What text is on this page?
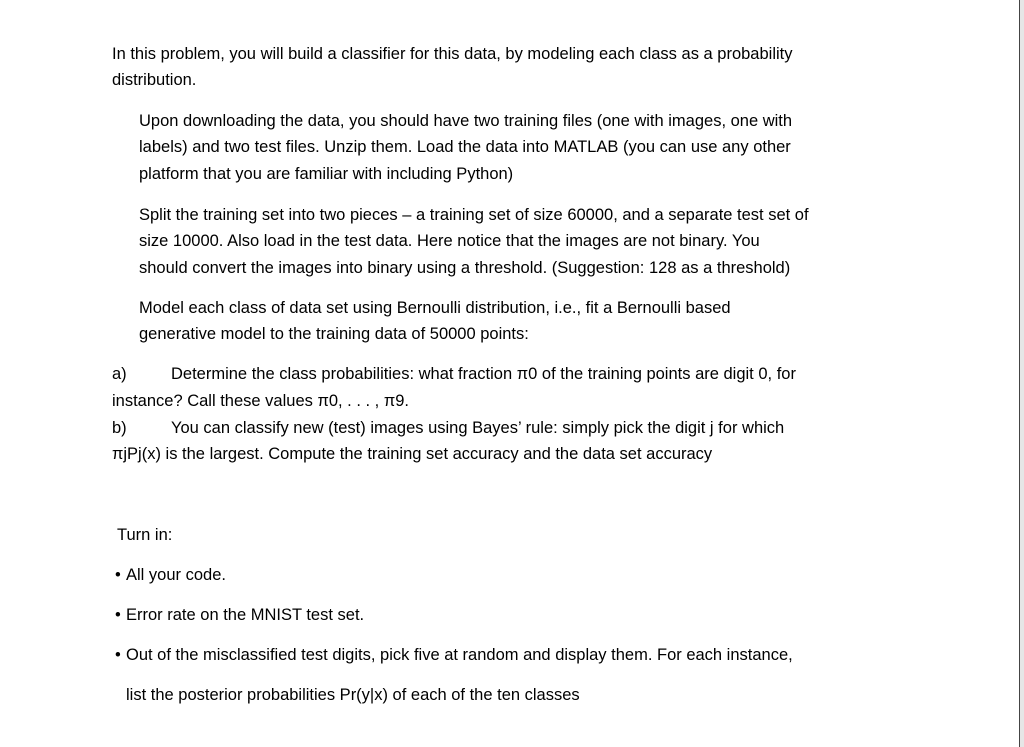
In this problem, you will build a classifier for this data, by modeling each class as a probability
distribution.
Upon downloading the data, you should have two training files (one with images, one with
labels) and two test files. Unzip them. Load the data into MATLAB (you can use any other
platform that you are familiar with including Python)
Split the training set into two pieces – a training set of size 60000, and a separate test set of
size 10000. Also load in the test data. Here notice that the images are not binary. You
should convert the images into binary using a threshold. (Suggestion: 128 as a threshold)
Model each class of data set using Bernoulli distribution, i.e., fit a Bernoulli based
generative model to the training data of 50000 points:
a)	Determine the class probabilities: what fraction π0 of the training points are digit 0, for
instance? Call these values π0, . . . , π9.
b)	You can classify new (test) images using Bayes’ rule: simply pick the digit j for which
πjPj(x) is the largest. Compute the training set accuracy and the data set accuracy
Turn in:
• All your code.
• Error rate on the MNIST test set.
• Out of the misclassified test digits, pick five at random and display them. For each instance,
list the posterior probabilities Pr(y|x) of each of the ten classes
